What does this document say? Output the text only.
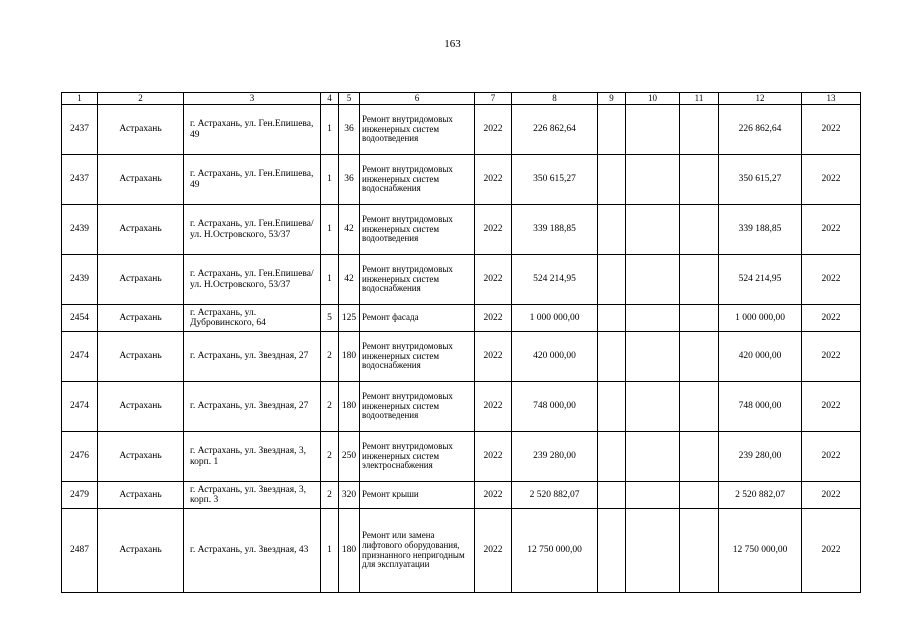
163
1	2	3	4	5	6	7	8	9	10	11	12	13
2437	Астрахань	г. Астрахань, ул. Ген.Епишева, 49	1	36	Ремонт внутридомовых инженерных систем водоотведения	2022	226 862,64				226 862,64	2022
2437	Астрахань	г. Астрахань, ул. Ген.Епишева, 49	1	36	Ремонт внутридомовых инженерных систем водоснабжения	2022	350 615,27				350 615,27	2022
2439	Астрахань	г. Астрахань, ул. Ген.Епишева/ ул. Н.Островского, 53/37	1	42	Ремонт внутридомовых инженерных систем водоотведения	2022	339 188,85				339 188,85	2022
2439	Астрахань	г. Астрахань, ул. Ген.Епишева/ ул. Н.Островского, 53/37	1	42	Ремонт внутридомовых инженерных систем водоснабжения	2022	524 214,95				524 214,95	2022
2454	Астрахань	г. Астрахань, ул. Дубровинского, 64	5	125	Ремонт фасада	2022	1 000 000,00				1 000 000,00	2022
2474	Астрахань	г. Астрахань, ул. Звездная, 27	2	180	Ремонт внутридомовых инженерных систем водоснабжения	2022	420 000,00				420 000,00	2022
2474	Астрахань	г. Астрахань, ул. Звездная, 27	2	180	Ремонт внутридомовых инженерных систем водоотведения	2022	748 000,00				748 000,00	2022
2476	Астрахань	г. Астрахань, ул. Звездная, 3, корп. 1	2	250	Ремонт внутридомовых инженерных систем электроснабжения	2022	239 280,00				239 280,00	2022
2479	Астрахань	г. Астрахань, ул. Звездная, 3, корп. 3	2	320	Ремонт крыши	2022	2 520 882,07				2 520 882,07	2022
2487	Астрахань	г. Астрахань, ул. Звездная, 43	1	180	Ремонт или замена лифтового оборудования, признанного непригодным для эксплуатации	2022	12 750 000,00				12 750 000,00	2022
